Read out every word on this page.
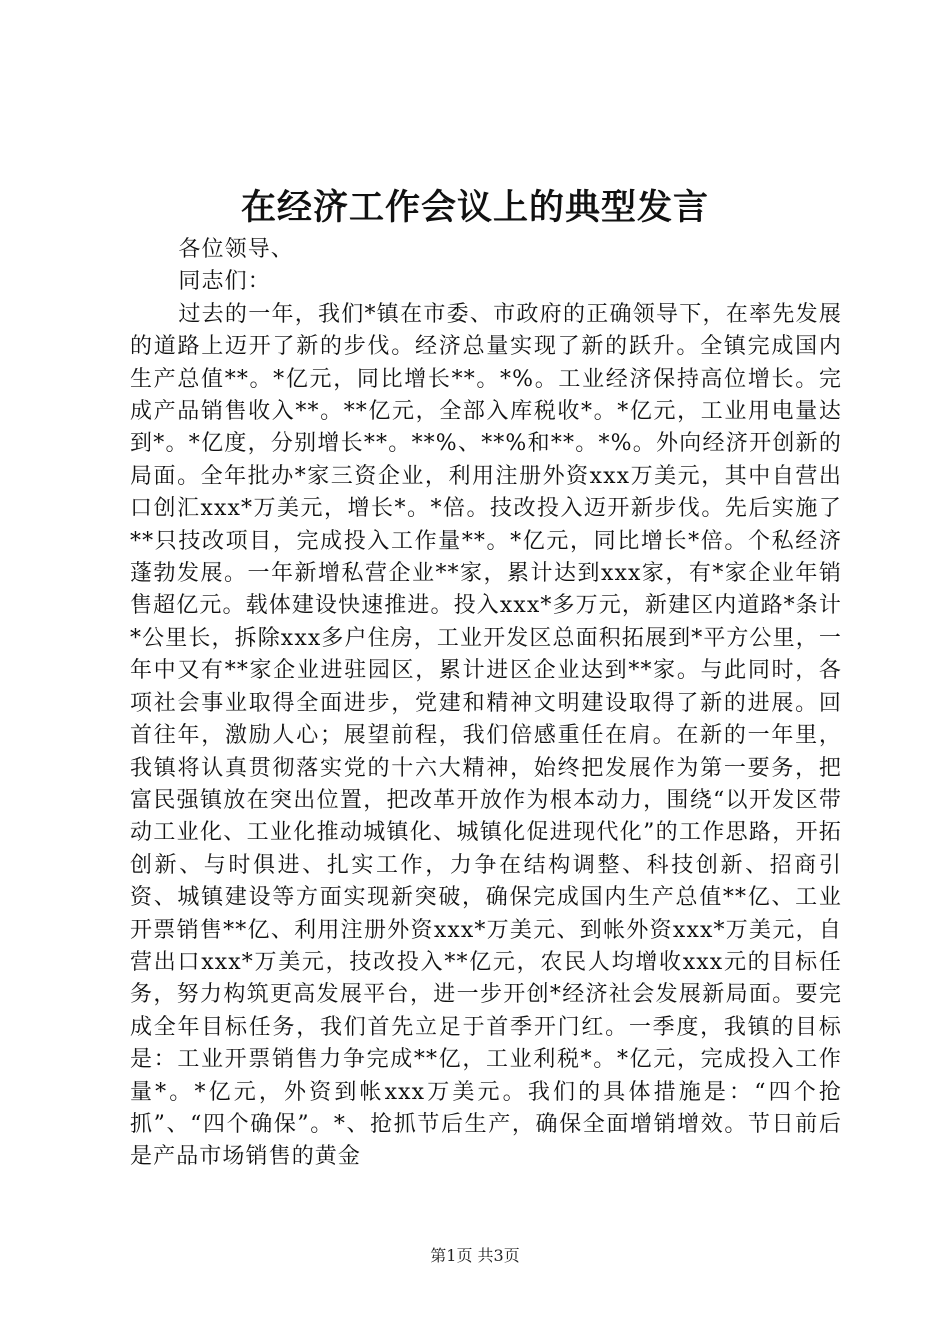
在经济工作会议上的典型发言

各位领导、

同志们：

过去的一年，我们*镇在市委、市政府的正确领导下，在率先发展的道路上迈开了新的步伐。经济总量实现了新的跃升。全镇完成国内生产总值**。*亿元，同比增长**。*%。工业经济保持高位增长。完成产品销售收入**。**亿元，全部入库税收*。*亿元，工业用电量达到*。*亿度，分别增长**。**%、**%和**。*%。外向经济开创新的局面。全年批办*家三资企业，利用注册外资xxx万美元，其中自营出口创汇xxx*万美元，增长*。*倍。技改投入迈开新步伐。先后实施了**只技改项目，完成投入工作量**。*亿元，同比增长*倍。个私经济蓬勃发展。一年新增私营企业**家，累计达到xxx家，有*家企业年销售超亿元。载体建设快速推进。投入xxx*多万元，新建区内道路*条计*公里长，拆除xxx多户住房，工业开发区总面积拓展到*平方公里，一年中又有**家企业进驻园区，累计进区企业达到**家。与此同时，各项社会事业取得全面进步，党建和精神文明建设取得了新的进展。回首往年，激励人心；展望前程，我们倍感重任在肩。在新的一年里，我镇将认真贯彻落实党的十六大精神，始终把发展作为第一要务，把富民强镇放在突出位置，把改革开放作为根本动力，围绕“以开发区带动工业化、工业化推动城镇化、城镇化促进现代化”的工作思路，开拓创新、与时俱进、扎实工作，力争在结构调整、科技创新、招商引资、城镇建设等方面实现新突破，确保完成国内生产总值**亿、工业开票销售**亿、利用注册外资xxx*万美元、到帐外资xxx*万美元，自营出口xxx*万美元，技改投入**亿元，农民人均增收xxx元的目标任务，努力构筑更高发展平台，进一步开创*经济社会发展新局面。要完成全年目标任务，我们首先立足于首季开门红。一季度，我镇的目标是：工业开票销售力争完成**亿，工业利税*。*亿元，完成投入工作量*。*亿元，外资到帐xxx万美元。我们的具体措施是：“四个抢抓”、“四个确保”。*、抢抓节后生产，确保全面增销增效。节日前后是产品市场销售的黄金

第1页 共3页
